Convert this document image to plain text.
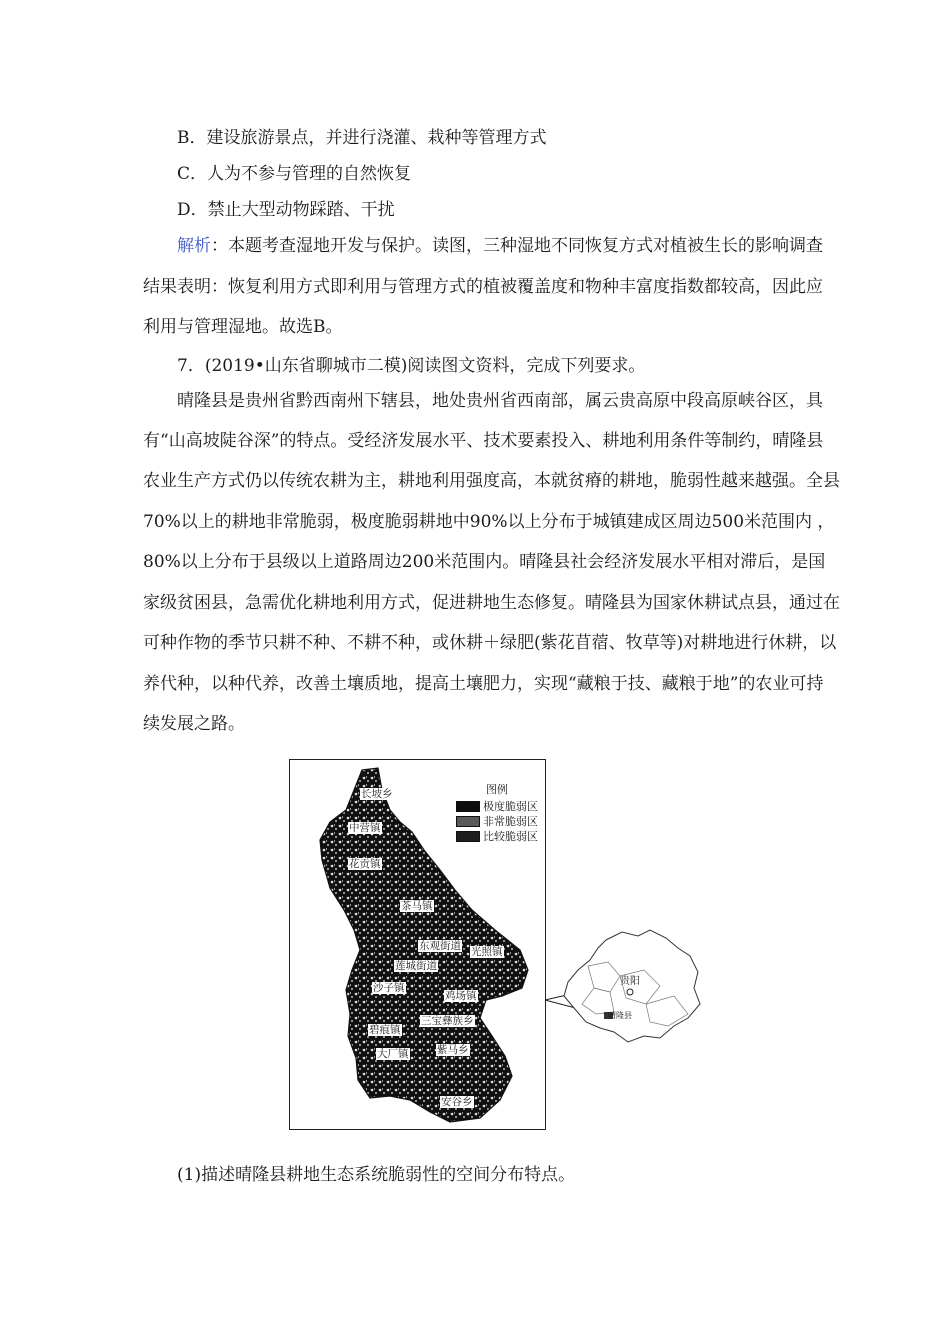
B．建设旅游景点，并进行浇灌、栽种等管理方式
C．人为不参与管理的自然恢复
D．禁止大型动物踩踏、干扰
解析：本题考查湿地开发与保护。读图，三种湿地不同恢复方式对植被生长的影响调查
结果表明：恢复利用方式即利用与管理方式的植被覆盖度和物种丰富度指数都较高，因此应
利用与管理湿地。故选B。
7．(2019•山东省聊城市二模)阅读图文资料，完成下列要求。
晴隆县是贵州省黔西南州下辖县，地处贵州省西南部，属云贵高原中段高原峡谷区，具
有“山高坡陡谷深”的特点。受经济发展水平、技术要素投入、耕地利用条件等制约，晴隆县
农业生产方式仍以传统农耕为主，耕地利用强度高，本就贫瘠的耕地，脆弱性越来越强。全县
70%以上的耕地非常脆弱，极度脆弱耕地中90%以上分布于城镇建成区周边500米范围内 ，
80%以上分布于县级以上道路周边200米范围内。晴隆县社会经济发展水平相对滞后，是国
家级贫困县，急需优化耕地利用方式，促进耕地生态修复。晴隆县为国家休耕试点县，通过在
可种作物的季节只耕不种、不耕不种，或休耕＋绿肥(紫花苜蓿、牧草等)对耕地进行休耕，以
养代种，以种代养，改善土壤质地，提高土壤肥力，实现“藏粮于技、藏粮于地”的农业可持
续发展之路。
图例
极度脆弱区
非常脆弱区
比较脆弱区
长坡乡
中营镇
花贡镇
茶马镇
东观街道 光照镇
莲城街道
沙子镇
鸡场镇
三宝彝族乡
碧痕镇
大厂镇	紫马乡
安谷乡
贵阳
晴隆县
(1)描述晴隆县耕地生态系统脆弱性的空间分布特点。
